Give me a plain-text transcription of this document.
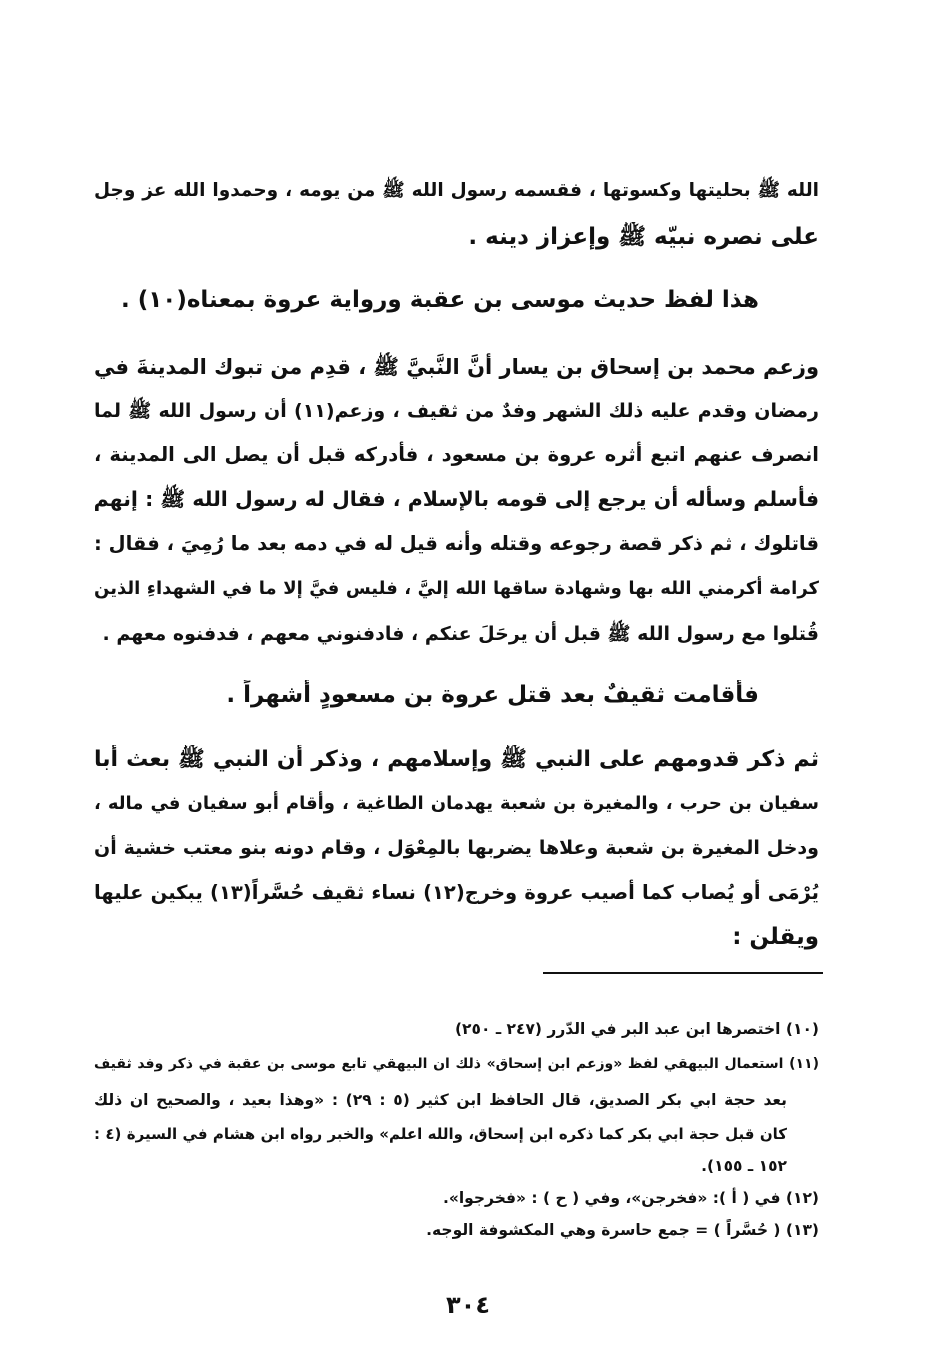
الله ﷺ بحليتها وكسوتها ، فقسمه رسول الله ﷺ من يومه ، وحمدوا الله عز وجل
على نصره نبيّه ﷺ وإعزاز دينه .
هذا لفظ حديث موسى بن عقبة ورواية عروة بمعناه(١٠) .
وزعم محمد بن إسحاق بن يسار أنَّ النَّبيَّ ﷺ ، قدِم من تبوك المدينةَ في
رمضان وقدم عليه ذلك الشهر وفدٌ من ثقيف ، وزعم(١١) أن رسول الله ﷺ لما
انصرف عنهم اتبع أثره عروة بن مسعود ، فأدركه قبل أن يصل الى المدينة ،
فأسلم وسأله أن يرجع إلى قومه بالإسلام ، فقال له رسول الله ﷺ : إنهم
قاتلوك ، ثم ذكر قصة رجوعه وقتله وأنه قيل له في دمه بعد ما رُمِيَ ، فقال :
كرامة أكرمني الله بها وشهادة ساقها الله إليَّ ، فليس فيَّ إلا ما في الشهداءِ الذين
قُتلوا مع رسول الله ﷺ قبل أن يرحَلَ عنكم ، فادفنوني معهم ، فدفنوه معهم .
فأقامت ثقيفٌ بعد قتل عروة بن مسعودٍ أشهراً .
ثم ذكر قدومهم على النبي ﷺ وإسلامهم ، وذكر أن النبي ﷺ بعث أبا
سفيان بن حرب ، والمغيرة بن شعبة يهدمان الطاغية ، وأقام أبو سفيان في ماله ،
ودخل المغيرة بن شعبة وعلاها يضربها بالمِعْوَل ، وقام دونه بنو معتب خشية أن
يُرْمَى أو يُصاب كما أصيب عروة وخرج(١٢) نساء ثقيف حُسَّراً(١٣) يبكين عليها
ويقلن :
(١٠) اختصرها ابن عبد البر في الدّرر (٢٤٧ ـ ٢٥٠)
(١١) استعمال البيهقي لفظ «وزعم ابن إسحاق» ذلك ان البيهقي تابع موسى بن عقبة في ذكر وفد ثقيف
بعد حجة ابي بكر الصديق، قال الحافظ ابن كثير (٥ : ٢٩) : «وهذا بعيد ، والصحيح ان ذلك
كان قبل حجة ابي بكر كما ذكره ابن إسحاق، والله اعلم» والخبر رواه ابن هشام في السيرة (٤ :
١٥٢ ـ ١٥٥).
(١٢) في ( أ ): «فخرجن»، وفي ( ح ) : «فخرجوا».
(١٣) ( حُسَّراً ) = جمع حاسرة وهي المكشوفة الوجه.
٣٠٤
